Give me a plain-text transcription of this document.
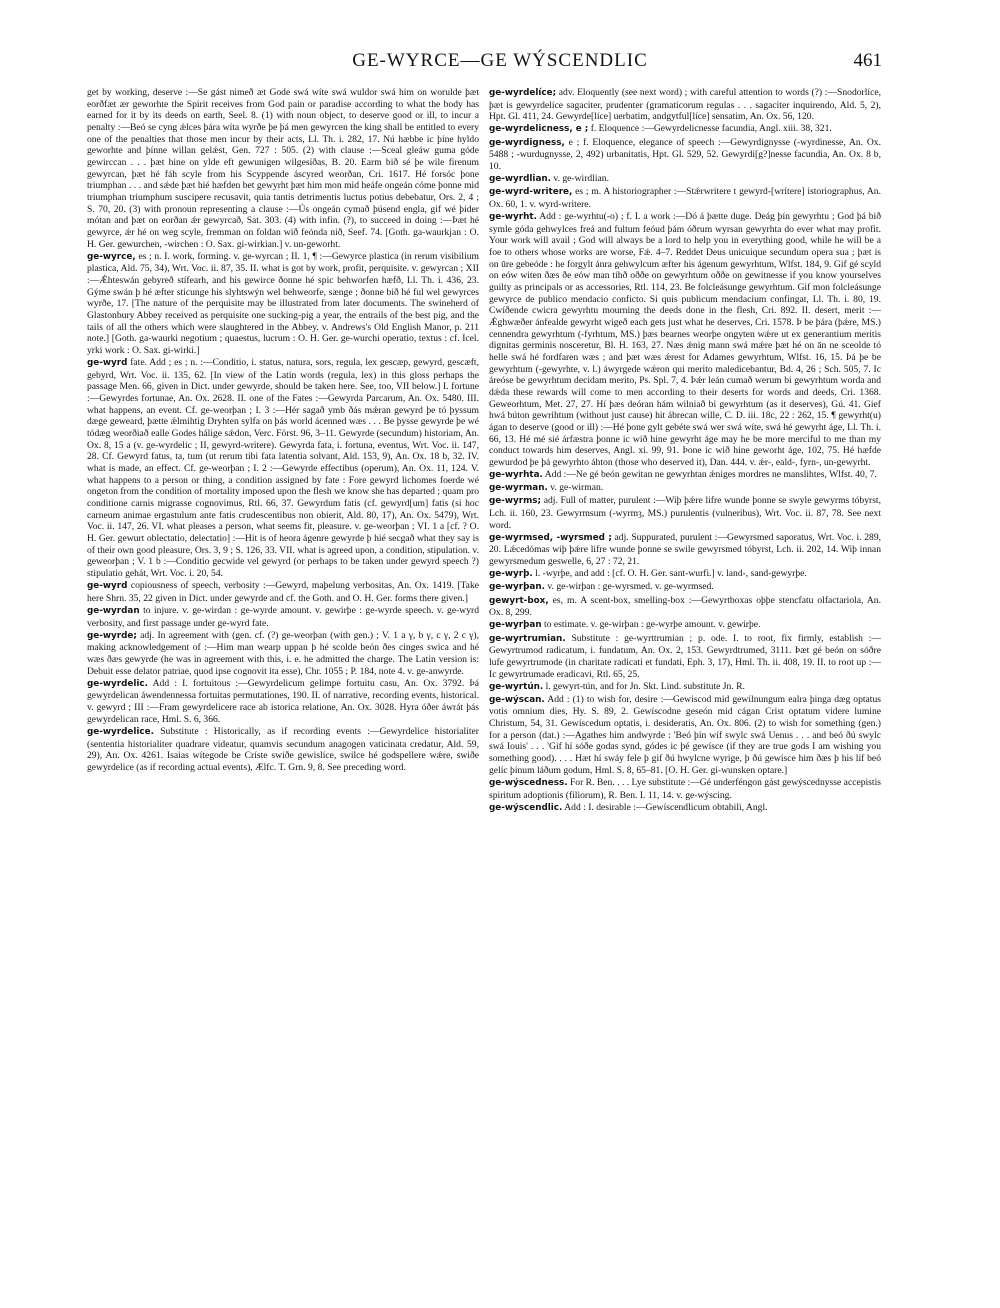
GE-WYRCE—GE WÝSCENDLIC	461

get by working, deserve :—Se gást nimeð æt Gode swá wíte swá wuldor swá him on worulde þæt eorðfæt ær geworhte the Spirit receives from God pain or paradise according to what the body has earned for it by its deeds on earth, Seel. 8. (1) with noun object, to deserve good or ill, to incur a penalty :—Beó se cyng ǽlces þára wíta wyrðe þe þá men gewyrcen the king shall be entitled to every one of the penalties that those men incur by their acts, Ll. Th. i. 282, 17. Nú hæbbe ic þíne hyldo geworhte and þínne willan gelǽst, Gen. 727 : 505. (2) with clause :—Sceal gleáw guma góde gewirccan . . . þæt hine on ylde eft gewunigen wilgesíðas, B. 20. Earm bið sé þe wile firenum gewyrcan, þæt hé fáh scyle from his Scyppende áscyred weorðan, Cri. 1617. Hé forsóc þone triumphan . . . and sǽde þæt hié hæfden bet gewyrht þæt him mon mid heáfe ongeán cóme þonne mid triumphan triumphum suscipere recusavit, quia tantis detrimentis luctus potius debebatur, Ors. 2, 4 ; S. 70, 20. (3) with pronoun representing a clause :—Ús ongeán cymað þúsend engla, gif wé þider mótan and þæt on eorðan ǽr gewyrcað, Sat. 303. (4) with infin. (?), to succeed in doing :—Þæt hé gewyrce, ǽr hé on weg scyle, fremman on foldan wið feónda nið, Seef. 74. [Goth. ga-waurkjan : O. H. Ger. gewurchen, -wirchen : O. Sax. gi-wirkian.] v. un-geworht.

ge-wyrce, es ; n. I. work, forming. v. ge-wyrcan ; II. 1, ¶ :—Gewyrce plastica (in rerum visibilium plastica, Ald. 75, 34), Wrt. Voc. ii. 87, 35. II. what is got by work, profit, perquisite. v. gewyrcan ; XII :—Ǽhteswán gebyreð stífearh, and his gewirce ðonne hé spic behworfen hæfð, Ll. Th. i. 436, 23. Gýme swán þ hé æfter sticunge his slyhtswýn wel behweorfe, sænge ; ðonne bið hé ful wel gewyrces wyrðe, 17. [The nature of the perquisite may be illustrated from later documents. The swineherd of Glastonbury Abbey received as perquisite one sucking-pig a year, the entrails of the best pig, and the tails of all the others which were slaughtered in the Abbey. v. Andrews's Old English Manor, p. 211 note.] [Goth. ga-waurki negotium ; quaestus, lucrum : O. H. Ger. ge-wurchi operatio, textus : cf. Icel. yrki work : O. Sax. gi-wirki.]

ge-wyrd fate. Add ; es ; n. :—Conditio, i. status, natura, sors, regula, lex gescæp, gewyrd, gescæft, gebyrd, Wrt. Voc. ii. 135, 62. [In view of the Latin words (regula, lex) in this gloss perhaps the passage Men. 66, given in Dict. under gewyrde, should be taken here. See, too, VII below.] I. fortune :—Gewyrdes fortunae, An. Ox. 2628. II. one of the Fates :—Gewyrda Parcarum, An. Ox. 5480. III. what happens, an event. Cf. ge-weorþan ; I. 3 :—Hér sagað ymb ðás mǽran gewyrd þe tó þyssum dæge geweard, þætte ǽlmihtig Dryhten sylfa on þás world ácenned wæs . . . Be þysse gewyrde þe wé tódæg weorðiað ealle Godes hálige sǽdon, Verc. Först. 96, 3–11. Gewyrde (secundum) historiam, An. Ox. 8, 15 a (v. ge-wyrdelic ; II, gewyrd-writere). Gewyrda fata, i. fortuna, eventus, Wrt. Voc. ii. 147, 28. Cf. Gewyrd fatus, ta, tum (ut rerum tibi fata latentia solvant, Ald. 153, 9), An. Ox. 18 b, 32. IV. what is made, an effect. Cf. ge-weorþan ; I. 2 :—Gewyrde effectibus (operum), An. Ox. 11, 124. V. what happens to a person or thing, a condition assigned by fate : Fore gewyrd lichomes foerde wé ongeton from the condition of mortality imposed upon the flesh we know she has departed ; quam pro conditione carnis migrasse cognovimus, Rtl. 66, 37. Gewyrdum fatis (cf. gewyrd[um] fatis (si hoc carneum animae ergastulum ante fatis crudescentibus non obierit, Ald. 80, 17), An. Ox. 5479), Wrt. Voc. ii. 147, 26. VI. what pleases a person, what seems fit, pleasure. v. ge-weorþan ; VI. 1 a [cf. ? O. H. Ger. gewurt oblectatio, delectatio] :—Hit is of heora ágenre gewyrde þ hié secgað what they say is of their own good pleasure, Ors. 3, 9 ; S. 126, 33. VII. what is agreed upon, a condition, stipulation. v. geweorþan ; V. 1 b :—Conditio gecwide vel gewyrd (or perhaps to be taken under gewyrd speech ?) stipulatio gehát, Wrt. Voc. i. 20, 54.

ge-wyrd copiousness of speech, verbosity :—Gewyrd, maþelung verbositas, An. Ox. 1419. [Take here Shrn. 35, 22 given in Dict. under gewyrde and cf. the Goth. and O. H. Ger. forms there given.]

ge-wyrdan to injure. v. ge-wirdan : ge-wyrde amount. v. gewirþe : ge-wyrde speech. v. ge-wyrd verbosity, and first passage under ge-wyrd fate.

ge-wyrde; adj. In agreement with (gen. cf. (?) ge-weorþan (with gen.) ; V. 1 a γ, b γ, c γ, 2 c γ), making acknowledgement of :—Him man wearp uppan þ hé scolde beón ðes cinges swica and hé wæs ðæs gewyrde (he was in agreement with this, i. e. he admitted the charge. The Latin version is: Debuit esse delator patriae, quod ipse cognovit ita esse), Chr. 1055 ; P. 184, note 4. v. ge-anwyrde.

ge-wyrdelic. Add : I. fortuitous :—Gewyrdelicum gelimpe fortuitu casu, An. Ox. 3792. Þá gewyrdelican áwendennessa fortuitas permutationes, 190. II. of narrative, recording events, historical. v. gewyrd ; III :—Fram gewyrdelicere race ab istorica relatione, An. Ox. 3028. Hyra óðer áwrát þás gewyrdelican race, Hml. S. 6, 366.

ge-wyrdelice. Substitute : Historically, as if recording events :—Gewyrdelice historialiter (sententia historialiter quadrare videatur, quamvis secundum anagogen vaticinata credatur, Ald. 59, 29), An. Ox. 4261. Isaias wítegode be Críste swiðe gewislíce, swilce hé godspellere wǽre, swiðe gewyrdelice (as if recording actual events), Ælfc. T. Grn. 9, 8. See preceding word.

ge-wyrdelíce; adv. Eloquently (see next word) ; with careful attention to words (?) :—Snodorlíce, þæt is gewyrdelíce sagaciter, prudenter (gramaticorum regulas . . . sagaciter inquirendo, Ald. 5, 2), Hpt. Gl. 411, 24. Gewyrde[líce] uerbatim, andgytful[líce] sensatim, An. Ox. 56, 120.

ge-wyrdelicness, e ; f. Eloquence :—Gewyrdelicnesse facundia, Angl. xiii. 38, 321.

ge-wyrdigness, e ; f. Eloquence, elegance of speech :—Gewyrdignysse (-wyrdinesse, An. Ox. 5488 ; -wurdugnysse, 2, 492) urbanitatis, Hpt. Gl. 529, 52. Gewyrdi[g?]nesse facundia, An. Ox. 8 b, 10.

ge-wyrdlian. v. ge-wirdlian.

ge-wyrd-writere, es ; m. A historiographer :—Stǽrwritere t gewyrd-[wrítere] istoriographus, An. Ox. 60, 1. v. wyrd-writere.

ge-wyrht. Add : ge-wyrhtu(-o) ; f. I. a work :—Dó á þætte duge. Deág þín gewyrhtu ; God þá bið symle góda gehwylces freá and fultum feóud þám óðrum wyrsan gewyrhta do ever what may profit. Your work will avail ; God will always be a lord to help you in everything good, while he will be a foe to others whose works are worse, Fǽ. 4–7. Reddet Deus unicuique secundum opera sua ; þæt is on ūre gebeóde : he forgylt ánra gehwylcum æfter his ágenum gewyrhtum, Wlfst. 184, 9. Gif gé scyld on eów witen ðæs ðe eów man tíhð oððe on gewyrhtum oððe on gewitnesse if you know yourselves guilty as principals or as accessories, Rtl. 114, 23. Be folcleásunge gewyrhtum. Gif mon folcleásunge gewyrce de publico mendacio confiсto. Si quis publicum mendacium confingat, Ll. Th. i. 80, 19. Cwíðende cwicra gewyrhtu mourning the deeds done in the flesh, Cri. 892. II. desert, merit :—Ǽghwæðer ánfealde gewyrht wigeð each gets just what he deserves, Cri. 1578. Þ be þára (þǽre, MS.) cennendra gewyrhtum (-fyrhtum, MS.) þæs bearnes weorþe ongyten wǽre ut ex generantium meritis dignitas germinis nosceretur, Bl. H. 163, 27. Næs ǽnig mann swá mǽre þæt hé on ān ne sceolde tó helle swá hé fordfaren wæs ; and þæt wæs ǽrest for Adames gewyrhtum, Wlfst. 16, 15. Þá þe be gewyrhtum (-gewyrhte, v. l.) áwyrgede wǽron qui merito maledicebantur, Bd. 4, 26 ; Sch. 505, 7. Ic áreóse be gewyrhtum decidam merito, Ps. Spl. 7, 4. Þǽr leán cumað werum bi gewyrhtum worda and dǽda these rewards will come to men according to their deserts for words and deeds, Cri. 1368. Geweorhtum, Met. 27, 27. Hí þæs deóran hám wilniað bi gewyrhtum (as it deserves), Gú. 41. Gief hwá búton gewrihtum (without just cause) hit ábrecan wille, C. D. iii. 18c, 22 : 262, 15. ¶ gewyrht(u) ágan to deserve (good or ill) :—Hé þone gylt gebéte swá wer swá wíte, swá hé gewyrht áge, Ll. Th. i. 66, 13. Hé mé sié árfæstra þonne ic wið hine gewyrht áge may he be more merciful to me than my conduct towards him deserves, Angl. xi. 99, 91. Þone ic wið hine geworht áge, 102, 75. Hé hæfde gewurdod þe þá gewyrhto áhton (those who deserved it), Dan. 444. v. ǽr-, eald-, fyrn-, un-gewyrht.

ge-wyrhta. Add :—Ne gé beón gewitan ne gewyrhtan ǽniges mordres ne manslihtes, Wlfst. 40, 7.

ge-wyrman. v. ge-wirman.

ge-wyrms; adj. Full of matter, purulent :—Wiþ þǽre lifre wunde þonne se swyle gewyrms tóbyrst, Lch. ii. 160, 23. Gewyrmsum (-wyrmȝ, MS.) purulentis (vulneribus), Wrt. Voc. ii. 87, 78. See next word.

ge-wyrmsed, -wyrsmed ; adj. Suppurated, purulent :—Gewyrsmed saporatus, Wrt. Voc. i. 289, 20. Lǽcedómas wiþ þǽre lifre wunde þonne se swile gewyrsmed tóbyrst, Lch. ii. 202, 14. Wiþ innan gewyrsmedum geswelle, 6, 27 : 72, 21.

ge-wyrþ. l. -wyrþe, and add : [cf. O. H. Ger. sant-wurfi.] v. land-, sand-gewyrþe.

ge-wyrþan. v. ge-wirþan : ge-wyrsmed. v. ge-wyrmsed.

gewyrt-box, es, m. A scent-box, smelling-box :—Gewyrtboxas oþþe stencfatu olfactariola, An. Ox. 8, 299.

ge-wyrþan to estimate. v. ge-wirþan : ge-wyrþe amount. v. gewirþe.

ge-wyrtrumian. Substitute : ge-wyrttrumian ; p. ode. I. to root, fix firmly, establish :—Gewyrtrumod radicatum, i. fundatum, An. Ox. 2, 153. Gewyrdtrumed, 3111. Þæt gé beón on sóðre lufe gewyrtrumode (in charitate radicati et fundati, Eph. 3, 17), Hml. Th. ii. 408, 19. II. to root up :—Ic gewyrtrumade eradicavi, Rtl. 65, 25.

ge-wyrtún. l. gewyrt-tún, and for Jn. Skt. Lind. substitute Jn. R.

ge-wýscan. Add : (1) to wish for, desire :—Gewiscod mid gewilnungum ealra þinga dæg optatus votis omnium dies, Hy. S. 89, 2. Gewíscodne geseón mid cágan Crist optatum videre lumine Christum, 54, 31. Gewíscedum optatis, i. desideratis, An. Ox. 806. (2) to wish for something (gen.) for a person (dat.) :—Agathes him andwyrde : 'Beó þín wíf swylc swá Uenus . . . and beó ðú swylc swá Iouis' . . . 'Gif hí sóðe godas synd, gódes ic þé gewísce (if they are true gods I am wishing you something good). . . . Hæt hí swáy fele þ gif ðú hwylcne wyrige, þ ðú gewísce him ðæs þ his líf beó gelíc þínum láðum godum, Hml. S. 8, 65–81. [O. H. Ger. gi-wunsken optare.]

ge-wýscedness. For R. Ben. . . . Lye substitute :—Gé underféngon gást gewýscednysse accepistis spiritum adoptionis (filiorum), R. Ben. I. 11, 14. v. ge-wýscing.

ge-wýscendlic. Add : I. desirable :—Gewíscendlicum obtabili, Angl.
